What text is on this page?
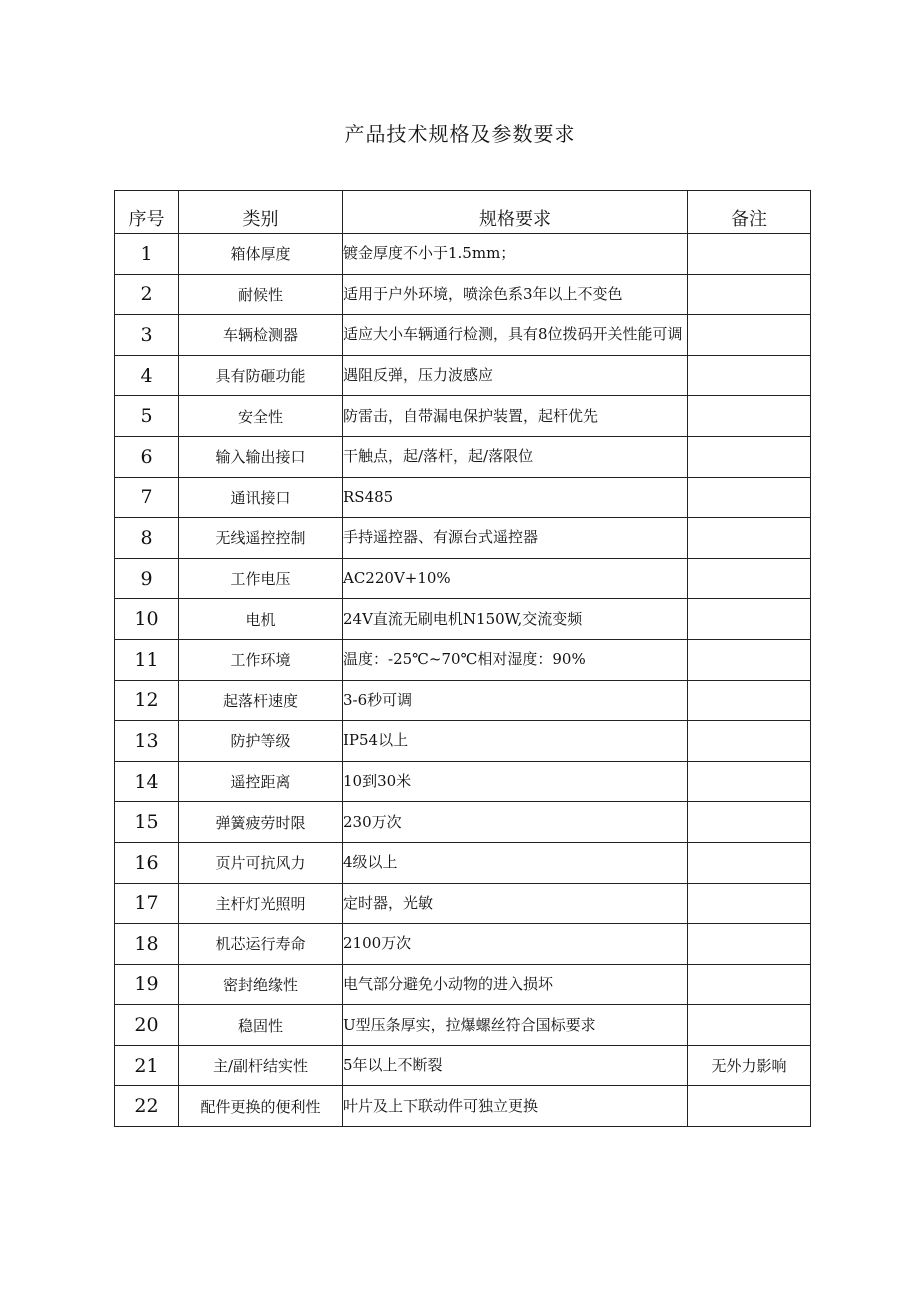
产品技术规格及参数要求
序号	类别	规格要求	备注
1	箱体厚度	镀金厚度不小于1.5mm；	
2	耐候性	适用于户外环境，喷涂色系3年以上不变色	
3	车辆检测器	适应大小车辆通行检测，具有8位拨码开关性能可调	
4	具有防砸功能	遇阻反弹，压力波感应	
5	安全性	防雷击，自带漏电保护装置，起杆优先	
6	输入输出接口	干触点，起/落杆，起/落限位	
7	通讯接口	RS485	
8	无线遥控控制	手持遥控器、有源台式遥控器	
9	工作电压	AC220V+10%	
10	电机	24V直流无刷电机N150W,交流变频	
11	工作环境	温度：-25℃~70℃相对湿度：90%	
12	起落杆速度	3-6秒可调	
13	防护等级	IP54以上	
14	遥控距离	10到30米	
15	弹簧疲劳时限	230万次	
16	页片可抗风力	4级以上	
17	主杆灯光照明	定时器，光敏	
18	机芯运行寿命	2100万次	
19	密封绝缘性	电气部分避免小动物的进入损坏	
20	稳固性	U型压条厚实，拉爆螺丝符合国标要求	
21	主/副杆结实性	5年以上不断裂	无外力影响
22	配件更换的便利性	叶片及上下联动件可独立更换	
